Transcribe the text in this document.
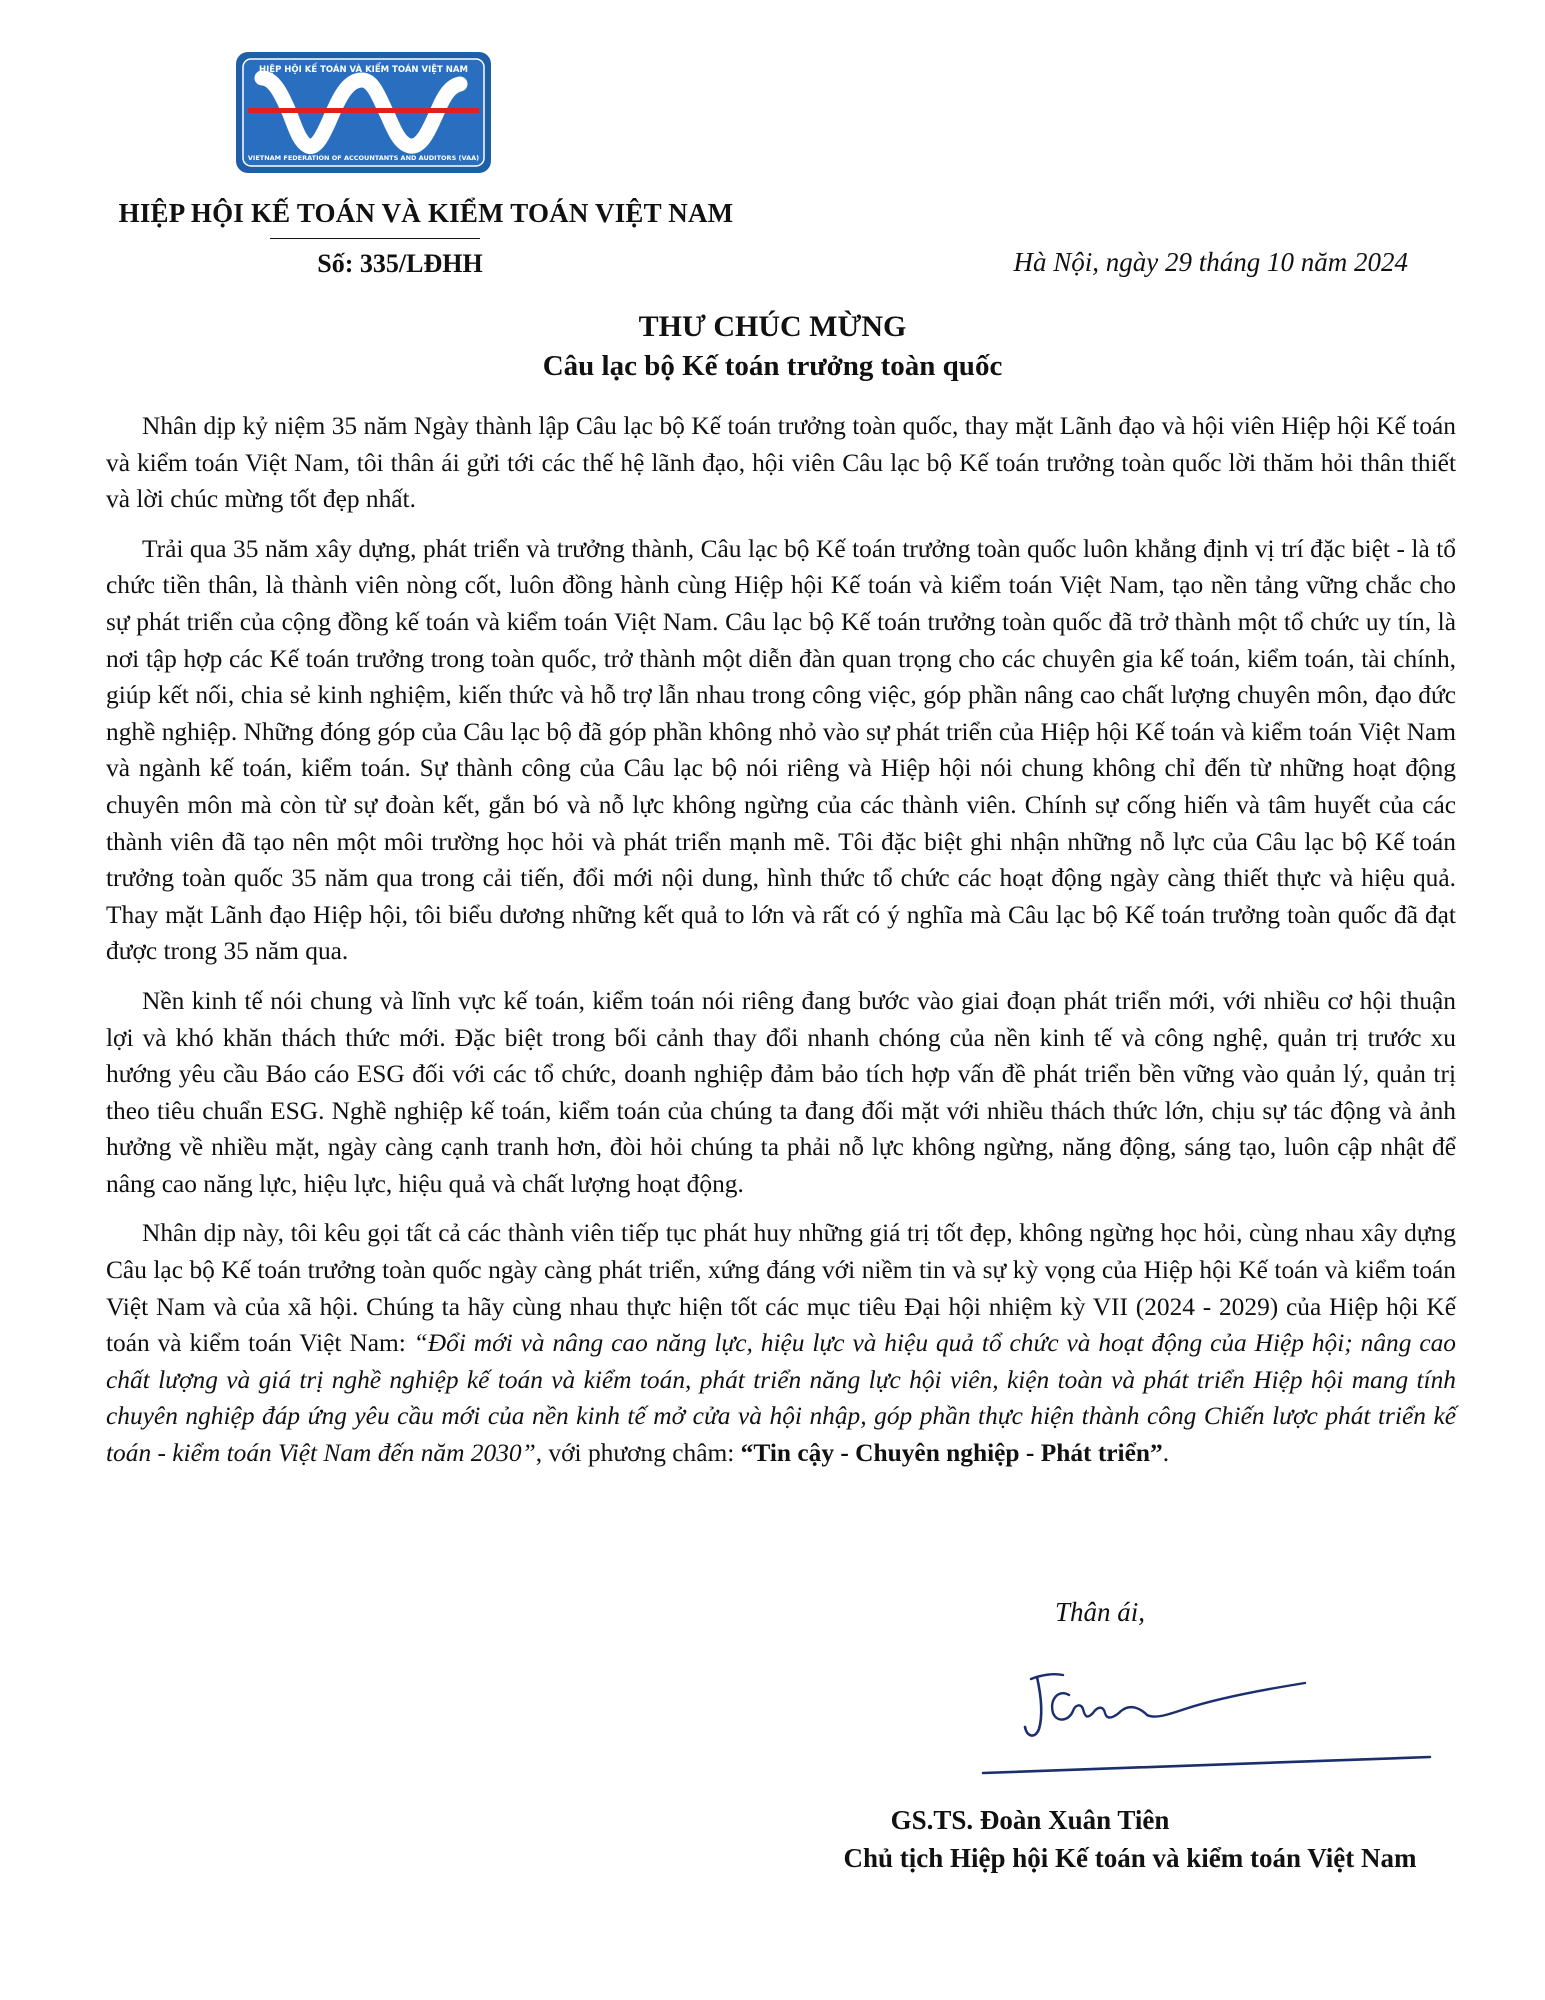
HIỆP HỘI KẾ TOÁN VÀ KIỂM TOÁN VIỆT NAM
VIETNAM FEDERATION OF ACCOUNTANTS AND AUDITORS (VAA)
HIỆP HỘI KẾ TOÁN VÀ KIỂM TOÁN VIỆT NAM
Số: 335/LĐHH	Hà Nội, ngày 29 tháng 10 năm 2024
THƯ CHÚC MỪNG
Câu lạc bộ Kế toán trưởng toàn quốc

Nhân dịp kỷ niệm 35 năm Ngày thành lập Câu lạc bộ Kế toán trưởng toàn quốc, thay mặt Lãnh đạo và hội viên Hiệp hội Kế toán và kiểm toán Việt Nam, tôi thân ái gửi tới các thế hệ lãnh đạo, hội viên Câu lạc bộ Kế toán trưởng toàn quốc lời thăm hỏi thân thiết và lời chúc mừng tốt đẹp nhất.

Trải qua 35 năm xây dựng, phát triển và trưởng thành, Câu lạc bộ Kế toán trưởng toàn quốc luôn khẳng định vị trí đặc biệt - là tổ chức tiền thân, là thành viên nòng cốt, luôn đồng hành cùng Hiệp hội Kế toán và kiểm toán Việt Nam, tạo nền tảng vững chắc cho sự phát triển của cộng đồng kế toán và kiểm toán Việt Nam. Câu lạc bộ Kế toán trưởng toàn quốc đã trở thành một tổ chức uy tín, là nơi tập hợp các Kế toán trưởng trong toàn quốc, trở thành một diễn đàn quan trọng cho các chuyên gia kế toán, kiểm toán, tài chính, giúp kết nối, chia sẻ kinh nghiệm, kiến thức và hỗ trợ lẫn nhau trong công việc, góp phần nâng cao chất lượng chuyên môn, đạo đức nghề nghiệp. Những đóng góp của Câu lạc bộ đã góp phần không nhỏ vào sự phát triển của Hiệp hội Kế toán và kiểm toán Việt Nam và ngành kế toán, kiểm toán. Sự thành công của Câu lạc bộ nói riêng và Hiệp hội nói chung không chỉ đến từ những hoạt động chuyên môn mà còn từ sự đoàn kết, gắn bó và nỗ lực không ngừng của các thành viên. Chính sự cống hiến và tâm huyết của các thành viên đã tạo nên một môi trường học hỏi và phát triển mạnh mẽ. Tôi đặc biệt ghi nhận những nỗ lực của Câu lạc bộ Kế toán trưởng toàn quốc 35 năm qua trong cải tiến, đổi mới nội dung, hình thức tổ chức các hoạt động ngày càng thiết thực và hiệu quả. Thay mặt Lãnh đạo Hiệp hội, tôi biểu dương những kết quả to lớn và rất có ý nghĩa mà Câu lạc bộ Kế toán trưởng toàn quốc đã đạt được trong 35 năm qua.

Nền kinh tế nói chung và lĩnh vực kế toán, kiểm toán nói riêng đang bước vào giai đoạn phát triển mới, với nhiều cơ hội thuận lợi và khó khăn thách thức mới. Đặc biệt trong bối cảnh thay đổi nhanh chóng của nền kinh tế và công nghệ, quản trị trước xu hướng yêu cầu Báo cáo ESG đối với các tổ chức, doanh nghiệp đảm bảo tích hợp vấn đề phát triển bền vững vào quản lý, quản trị theo tiêu chuẩn ESG. Nghề nghiệp kế toán, kiểm toán của chúng ta đang đối mặt với nhiều thách thức lớn, chịu sự tác động và ảnh hưởng về nhiều mặt, ngày càng cạnh tranh hơn, đòi hỏi chúng ta phải nỗ lực không ngừng, năng động, sáng tạo, luôn cập nhật để nâng cao năng lực, hiệu lực, hiệu quả và chất lượng hoạt động.

Nhân dịp này, tôi kêu gọi tất cả các thành viên tiếp tục phát huy những giá trị tốt đẹp, không ngừng học hỏi, cùng nhau xây dựng Câu lạc bộ Kế toán trưởng toàn quốc ngày càng phát triển, xứng đáng với niềm tin và sự kỳ vọng của Hiệp hội Kế toán và kiểm toán Việt Nam và của xã hội. Chúng ta hãy cùng nhau thực hiện tốt các mục tiêu Đại hội nhiệm kỳ VII (2024 - 2029) của Hiệp hội Kế toán và kiểm toán Việt Nam: “Đổi mới và nâng cao năng lực, hiệu lực và hiệu quả tổ chức và hoạt động của Hiệp hội; nâng cao chất lượng và giá trị nghề nghiệp kế toán và kiểm toán, phát triển năng lực hội viên, kiện toàn và phát triển Hiệp hội mang tính chuyên nghiệp đáp ứng yêu cầu mới của nền kinh tế mở cửa và hội nhập, góp phần thực hiện thành công Chiến lược phát triển kế toán - kiểm toán Việt Nam đến năm 2030”, với phương châm: “Tin cậy - Chuyên nghiệp - Phát triển”.

Thân ái,
GS.TS. Đoàn Xuân Tiên
Chủ tịch Hiệp hội Kế toán và kiểm toán Việt Nam
